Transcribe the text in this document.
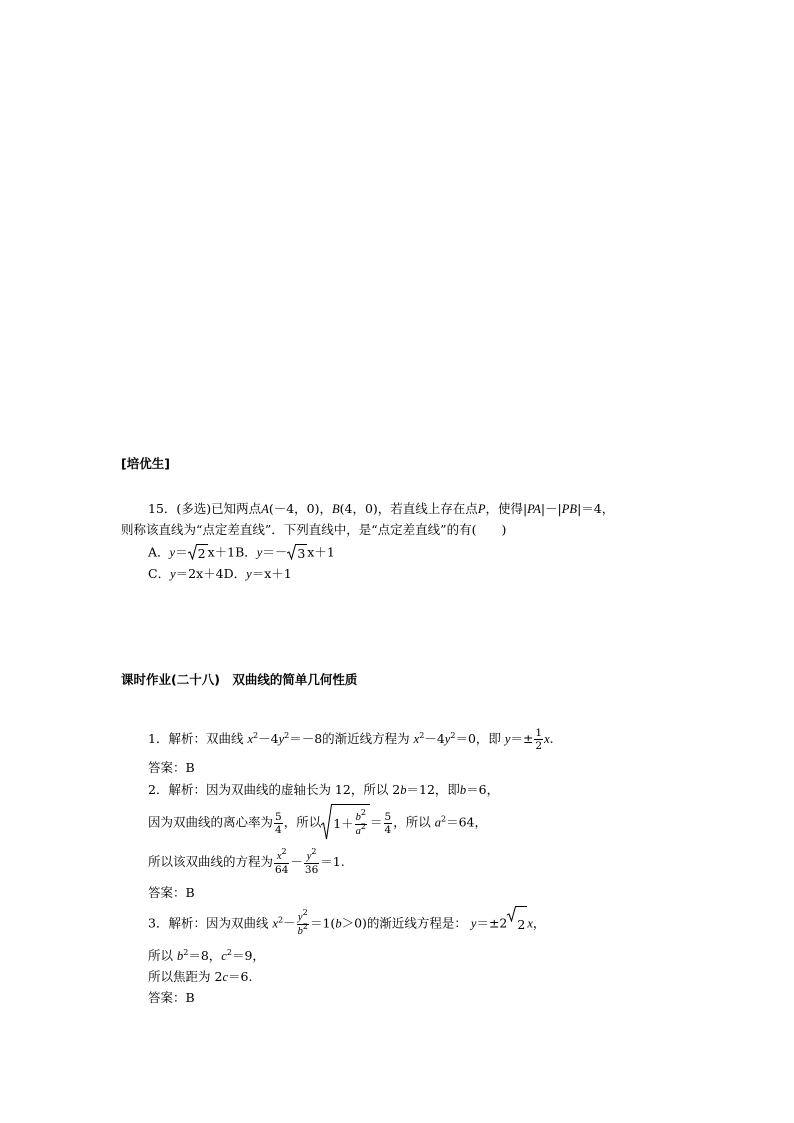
[培优生]
15．(多选)已知两点A(－4，0)，B(4，0)，若直线上存在点P，使得|PA|－|PB|＝4，
则称该直线为“点定差直线”．下列直线中，是“点定差直线”的有(　　)
A．y＝ 2 x＋1B．y＝－ 3 x＋1
C．y＝2x＋4D．y＝x＋1
课时作业(二十八)　双曲线的简单几何性质
1．解析：双曲线 $x^2-4y^2=-8$的渐近线方程为 $x^2-4y^2=0$，即 $y=\pm \frac{1}{2} x$.
答案：B
2．解析：因为双曲线的虚轴长为 12，所以 2b＝12，即b＝6，
因为双曲线的离心率为 $\frac{5}{4}$ ，所以 $1+ \frac{b^2}{a^2} = \frac{5}{4}$ ，所以 $a^2=64$，
所以该双曲线的方程为 $\frac{x^2}{64} - \frac{y^2}{36} =1$.
答案：B
3．解析：因为双曲线 $x^2- \frac{y^2}{b^2} =1(b>0)$的渐近线方程是： y＝±2 2 x，
所以 $b^2=8$，$c^2=9$，
所以焦距为 2c＝6.
答案：B
